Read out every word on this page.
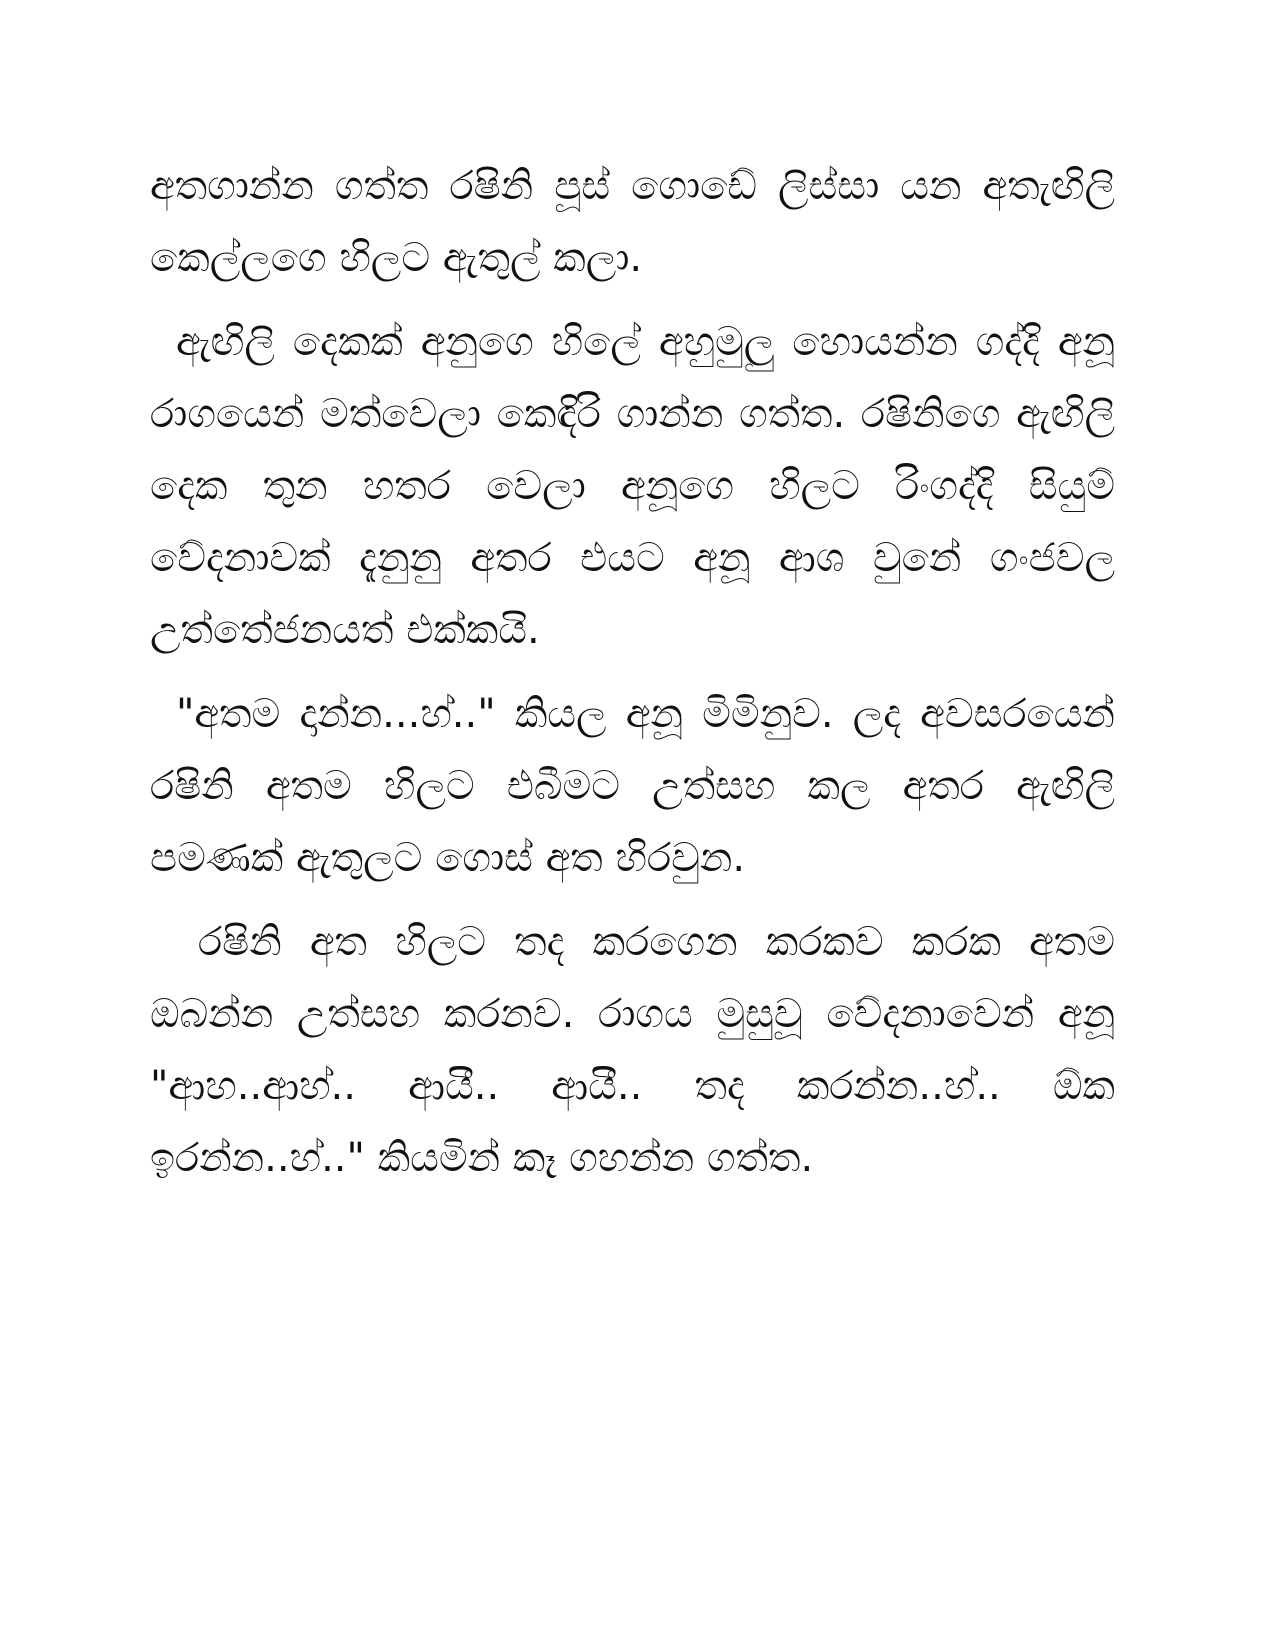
අතගාන්න ගත්ත රෂිනි පූස් ගොඩේ ලිස්සා යන අතැඟිලි කෙල්ලගෙ හිලට ඇතුල් කලා.

ඇඟිලි දෙකක් අනුගෙ හිලේ අහුමුලු හොයන්න ගද්දි අනූ රාගයෙන් මත්වෙලා කෙඳිරි ගාන්න ගත්ත. රෂිනිගෙ ඇඟිලි දෙක තුන හතර වෙලා අනූගෙ හිලට රිංගද්දි සියුම් වේදනාවක් දැනුනු අතර එයට අනූ ආශ වුනේ ගංජවල උත්තේජනයත් එක්කයි.

"අතම දාන්න...හ්.." කියල අනූ මිමිනුව. ලද අවසරයෙන් රෂිනි අතම හිලට එබීමට උත්සහ කල අතර ඇඟිලි පමණක් ඇතුලට ගොස් අත හිරවුන.

රෂිනි අත හිලට තද කරගෙන කරකව කරක අතම ඔබන්න උත්සහ කරනව. රාගය මුසුවූ වේදනාවෙන් අනූ "ආහ..ආහ්.. ආයී.. ආයී.. තද කරන්න..හ්.. ඕක ඉරන්න..හ්.." කියමින් කෑ ගහන්න ගත්ත.
